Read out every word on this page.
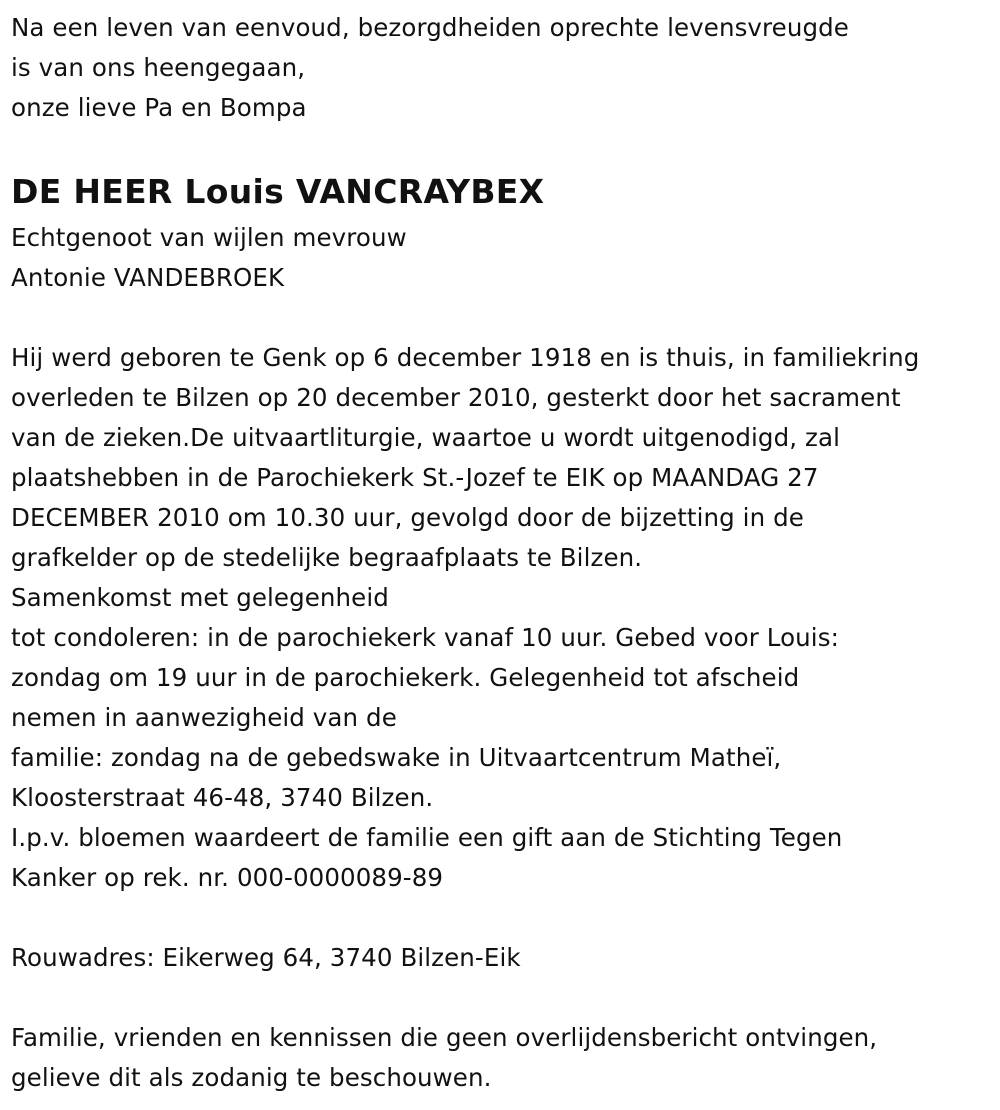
Na een leven van eenvoud, bezorgdheiden oprechte levensvreugde
is van ons heengegaan,
onze lieve Pa en Bompa
DE HEER Louis VANCRAYBEX
Echtgenoot van wijlen mevrouw
Antonie VANDEBROEK
Hij werd geboren te Genk op 6 december 1918 en is thuis, in familiekring
overleden te Bilzen op 20 december 2010, gesterkt door het sacrament
van de zieken.De uitvaartliturgie, waartoe u wordt uitgenodigd, zal
plaatshebben in de Parochiekerk St.-Jozef te EIK op MAANDAG 27
DECEMBER 2010 om 10.30 uur, gevolgd door de bijzetting in de
grafkelder op de stedelijke begraafplaats te Bilzen.
Samenkomst met gelegenheid
tot condoleren: in de parochiekerk vanaf 10 uur. Gebed voor Louis:
zondag om 19 uur in de parochiekerk. Gelegenheid tot afscheid
nemen in aanwezigheid van de
familie: zondag na de gebedswake in Uitvaartcentrum Matheï,
Kloosterstraat 46-48, 3740 Bilzen.
I.p.v. bloemen waardeert de familie een gift aan de Stichting Tegen
Kanker op rek. nr. 000-0000089-89
Rouwadres: Eikerweg 64, 3740 Bilzen-Eik
Familie, vrienden en kennissen die geen overlijdensbericht ontvingen,
gelieve dit als zodanig te beschouwen.
